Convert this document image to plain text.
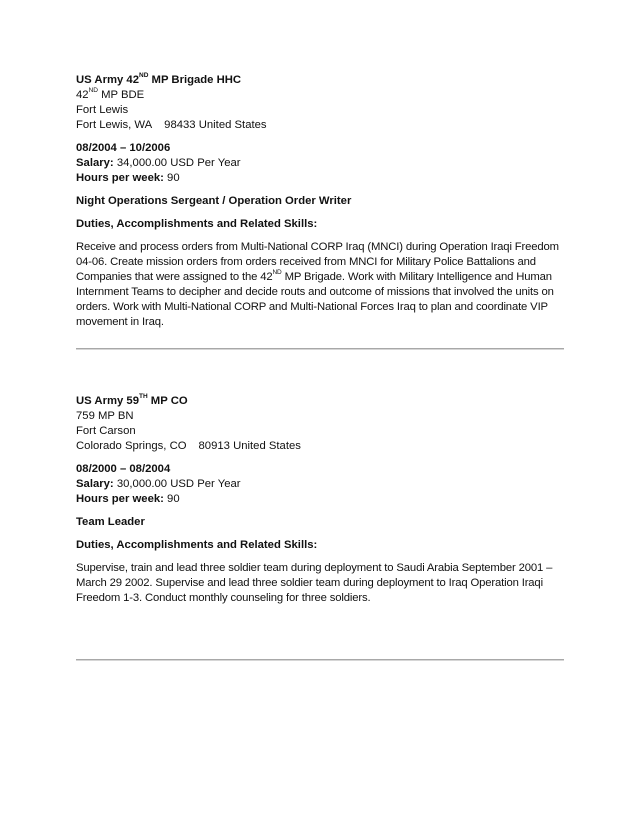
US Army 42ND MP Brigade HHC

42ND MP BDE

Fort Lewis

Fort Lewis, WA 98433 United States

08/2004 – 10/2006

Salary: 34,000.00 USD Per Year

Hours per week: 90

Night Operations Sergeant / Operation Order Writer

Duties, Accomplishments and Related Skills:

Receive and process orders from Multi-National CORP Iraq (MNCI) during Operation Iraqi Freedom 04-06. Create mission orders from orders received from MNCI for Military Police Battalions and Companies that were assigned to the 42ND MP Brigade. Work with Military Intelligence and Human Internment Teams to decipher and decide routs and outcome of missions that involved the units on orders. Work with Multi-National CORP and Multi-National Forces Iraq to plan and coordinate VIP movement in Iraq.

US Army 59TH MP CO

759 MP BN

Fort Carson

Colorado Springs, CO 80913 United States

08/2000 – 08/2004

Salary: 30,000.00 USD Per Year

Hours per week: 90

Team Leader

Duties, Accomplishments and Related Skills:

Supervise, train and lead three soldier team during deployment to Saudi Arabia September 2001 – March 29 2002. Supervise and lead three soldier team during deployment to Iraq Operation Iraqi Freedom 1-3. Conduct monthly counseling for three soldiers.
